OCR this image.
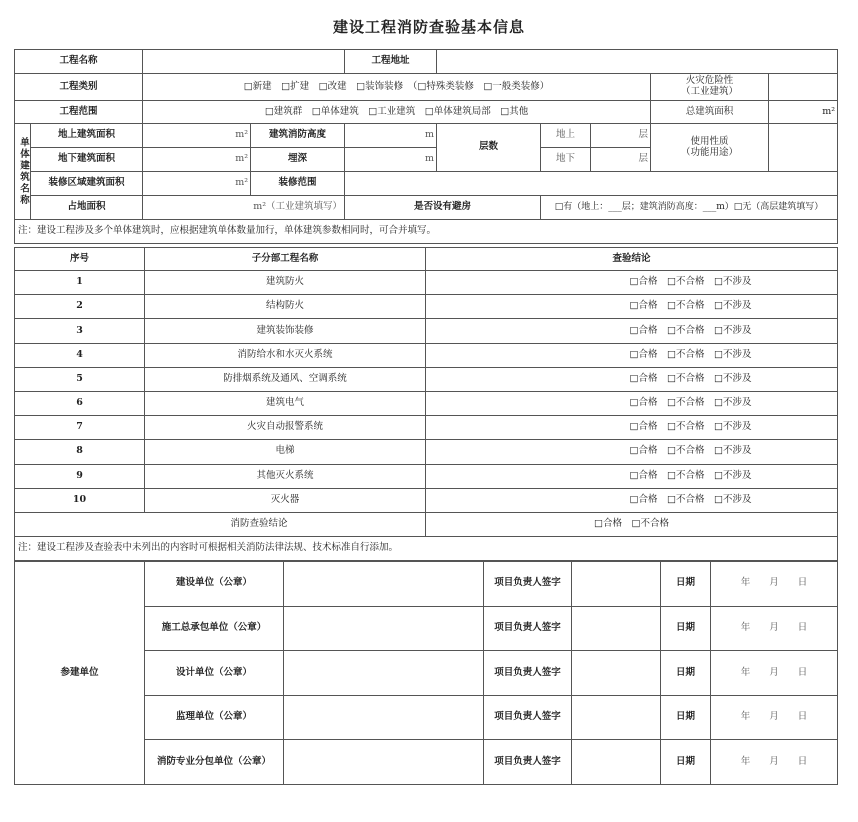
建设工程消防查验基本信息
工程名称				工程地址					
工程类别		□新建　□扩建　□改建　□装饰装修　（□特殊类装修　□一般类装修）						火灾危险性
（工业建筑）	
工程范围		□建筑群　□单体建筑　□工业建筑　□单体建筑局部　□其他						总建筑面积	m²
单体建筑名称	地上建筑面积	m²	建筑消防高度	m	层数	地上	层	使用性质
（功能用途）	
	地下建筑面积	m²	埋深	m		地下	层		
	装修区域建筑面积	m²	装修范围						
	占地面积	m²（工业建筑填写）		是否设有避房		□有（地上：___层；建筑消防高度：___m）□无（高层建筑填写）			
注：建设工程涉及多个单体建筑时，应根据建筑单体数量加行，单体建筑参数相同时，可合并填写。									
序号	子分部工程名称	查验结论
1	建筑防火	□合格　□不合格　□不涉及
2	结构防火	□合格　□不合格　□不涉及
3	建筑装饰装修	□合格　□不合格　□不涉及
4	消防给水和水灭火系统	□合格　□不合格　□不涉及
5	防排烟系统及通风、空调系统	□合格　□不合格　□不涉及
6	建筑电气	□合格　□不合格　□不涉及
7	火灾自动报警系统	□合格　□不合格　□不涉及
8	电梯	□合格　□不合格　□不涉及
9	其他灭火系统	□合格　□不合格　□不涉及
10	灭火器	□合格　□不合格　□不涉及
消防查验结论		□合格　□不合格
注：建设工程涉及查验表中未列出的内容时可根据相关消防法律法规、技术标准自行添加。		
参建单位	建设单位（公章）		项目负责人签字		日期	年　　月　　日
	施工总承包单位（公章）		项目负责人签字		日期	年　　月　　日
	设计单位（公章）		项目负责人签字		日期	年　　月　　日
	监理单位（公章）		项目负责人签字		日期	年　　月　　日
	消防专业分包单位（公章）		项目负责人签字		日期	年　　月　　日
